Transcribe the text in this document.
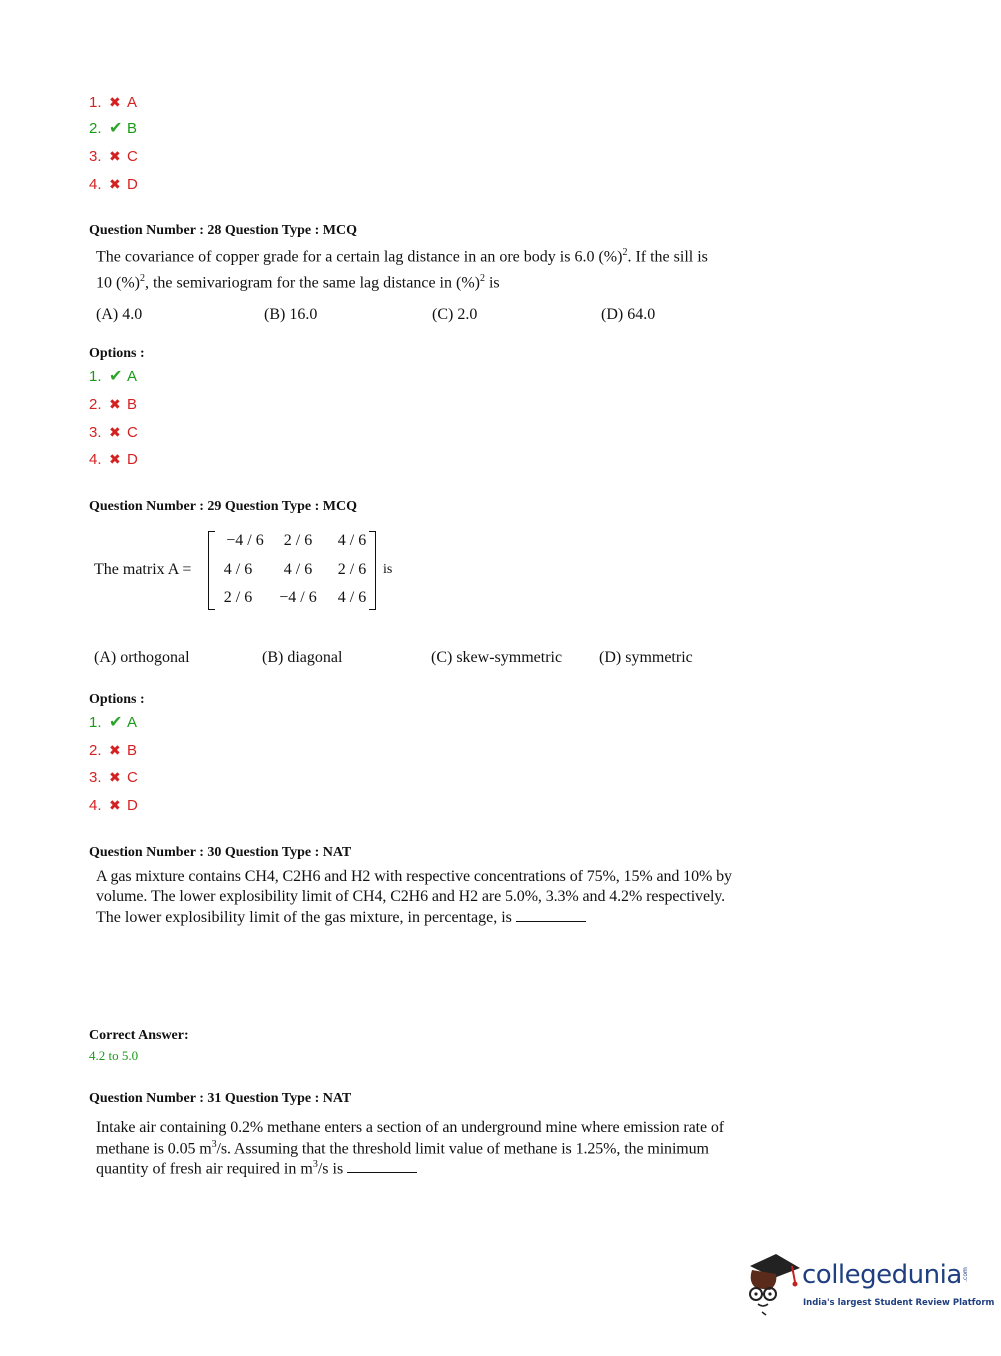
1. ✖ A
2. ✔ B
3. ✖ C
4. ✖ D
Question Number : 28 Question Type : MCQ
The covariance of copper grade for a certain lag distance in an ore body is 6.0 (%)$^2$. If the sill is
10 (%)$^2$, the semivariogram for the same lag distance in (%)$^2$ is
(A) 4.0	(B) 16.0	(C) 2.0	(D) 64.0
Options :
1. ✔ A
2. ✖ B
3. ✖ C
4. ✖ D
Question Number : 29 Question Type : MCQ
The matrix A =
−4 / 6	2 / 6	4 / 6
4 / 6	4 / 6	2 / 6
2 / 6	−4 / 6	4 / 6
is
(A) orthogonal	(B) diagonal	(C) skew-symmetric (D) symmetric
Options :
1. ✔ A
2. ✖ B
3. ✖ C
4. ✖ D
Question Number : 30 Question Type : NAT
A gas mixture contains CH4, C2H6 and H2 with respective concentrations of 75%, 15% and 10% by
volume. The lower explosibility limit of CH4, C2H6 and H2 are 5.0%, 3.3% and 4.2% respectively.
The lower explosibility limit of the gas mixture, in percentage, is
Correct Answer:
4.2 to 5.0
Question Number : 31 Question Type : NAT
Intake air containing 0.2% methane enters a section of an underground mine where emission rate of
methane is 0.05 $m^3/s$. Assuming that the threshold limit value of methane is 1.25%, the minimum
quantity of fresh air required in $m^3/s$ is
collegedunia .com
India's largest Student Review Platform
